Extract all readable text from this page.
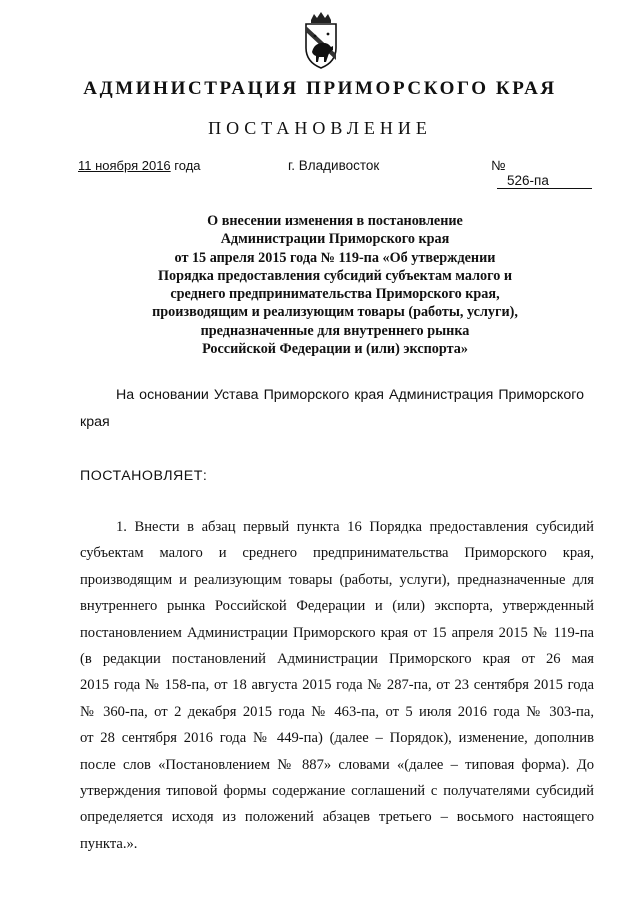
АДМИНИСТРАЦИЯ ПРИМОРСКОГО КРАЯ
ПОСТАНОВЛЕНИЕ
11 ноября 2016 года	г. Владивосток	№526-па
О внесении изменения в постановление
Администрации Приморского края
от 15 апреля 2015 года № 119-па «Об утверждении
Порядка предоставления субсидий субъектам малого и
среднего предпринимательства Приморского края,
производящим и реализующим товары (работы, услуги),
предназначенные для внутреннего рынка
Российской Федерации и (или) экспорта»
На основании Устава Приморского края Администрация Приморского
края
ПОСТАНОВЛЯЕТ:
1. Внести в абзац первый пункта 16 Порядка предоставления субсидий
субъектам малого и среднего предпринимательства Приморского края,
производящим и реализующим товары (работы, услуги), предназначенные для
внутреннего рынка Российской Федерации и (или) экспорта, утвержденный
постановлением Администрации Приморского края от 15 апреля 2015 № 119-па
(в редакции постановлений Администрации Приморского края от 26 мая
2015 года № 158-па, от 18 августа 2015 года № 287-па, от 23 сентября 2015 года
№ 360-па, от 2 декабря 2015 года № 463-па, от 5 июля 2016 года № 303-па,
от 28 сентября 2016 года № 449-па) (далее – Порядок), изменение, дополнив
после слов «Постановлением № 887» словами «(далее – типовая форма). До
утверждения типовой формы содержание соглашений с получателями субсидий
определяется исходя из положений абзацев третьего – восьмого настоящего
пункта.».
